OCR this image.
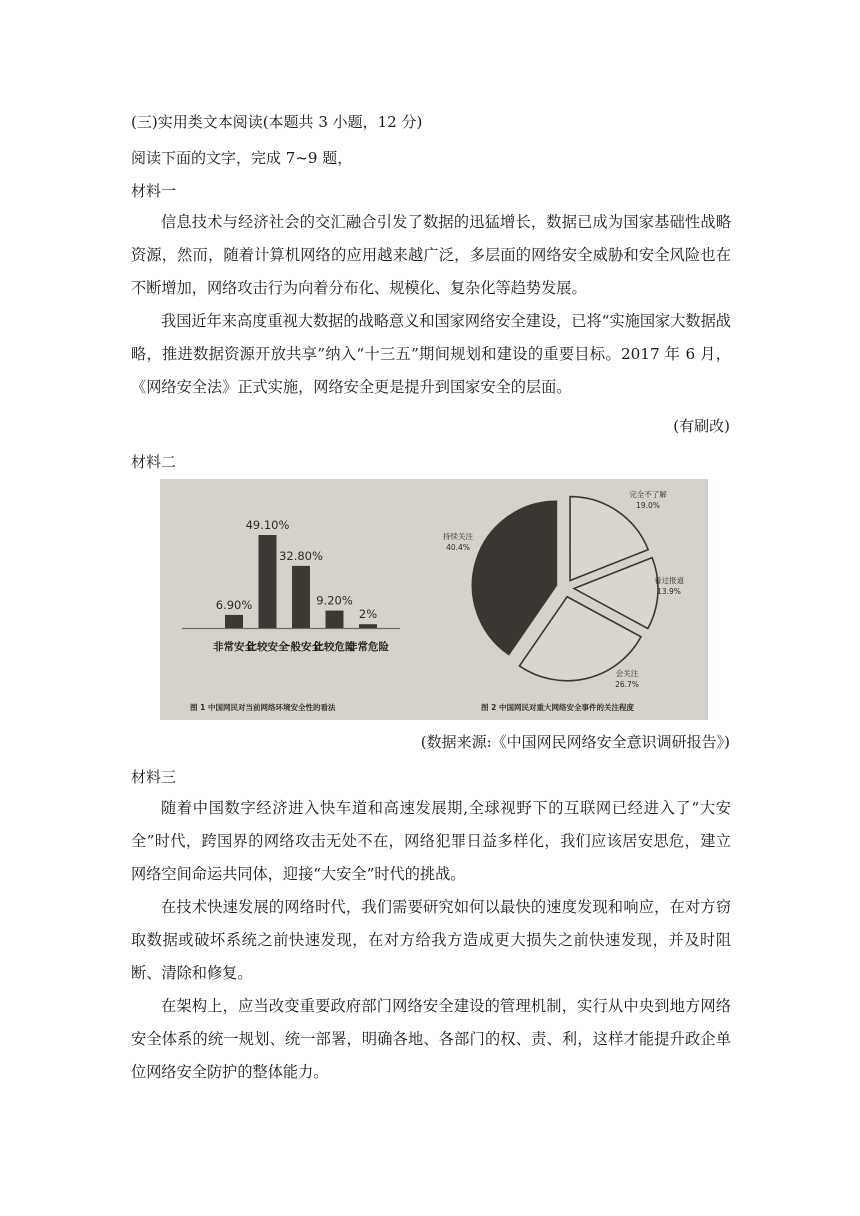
(三)实用类文本阅读(本题共 3 小题，12 分)
阅读下面的文字，完成 7~9 题，
材料一
信息技术与经济社会的交汇融合引发了数据的迅猛增长，数据已成为国家基础性战略资源，然而，随着计算机网络的应用越来越广泛，多层面的网络安全威胁和安全风险也在不断增加，网络攻击行为向着分布化、规模化、复杂化等趋势发展。
我国近年来高度重视大数据的战略意义和国家网络安全建设，已将“实施国家大数据战略，推进数据资源开放共享”纳入“十三五”期间规划和建设的重要目标。2017 年 6 月，《网络安全法》正式实施，网络安全更是提升到国家安全的层面。
(有刷改)
材料二
6.90%
非常安全
49.10%
比较安全
32.80%
一般安全
9.20%
比较危险
2%
非常危险
图 1 中国网民对当前网络环境安全性的看法
完全不了解
19.0%
看过报道
13.9%
会关注
26.7%
持续关注
40.4%
图 2 中国网民对重大网络安全事件的关注程度
(数据来源:《中国网民网络安全意识调研报告》)
材料三
随着中国数字经济进入快车道和高速发展期,全球视野下的互联网已经进入了“大安全”时代，跨国界的网络攻击无处不在，网络犯罪日益多样化，我们应该居安思危，建立网络空间命运共同体，迎接“大安全”时代的挑战。
在技术快速发展的网络时代，我们需要研究如何以最快的速度发现和响应，在对方窃取数据或破坏系统之前快速发现，在对方给我方造成更大损失之前快速发现，并及时阻断、清除和修复。
在架构上，应当改变重要政府部门网络安全建设的管理机制，实行从中央到地方网络安全体系的统一规划、统一部署，明确各地、各部门的权、责、利，这样才能提升政企单位网络安全防护的整体能力。
